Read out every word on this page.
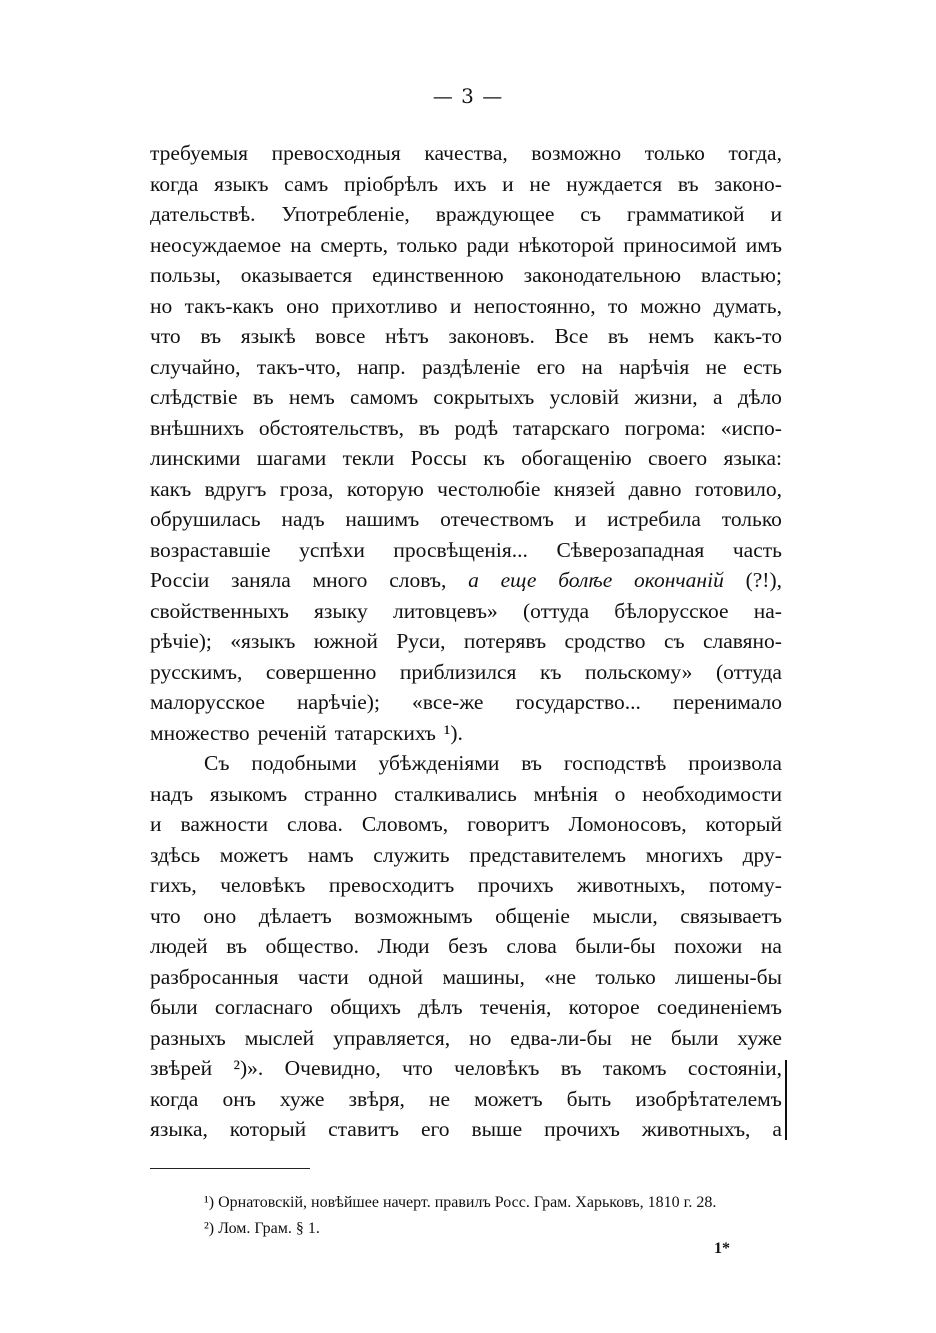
— 3 —
требуемыя превосходныя качества, возможно только тогда,
когда языкъ самъ пріобрѣлъ ихъ и не нуждается въ законо-
дательствѣ. Употребленіе, враждующее съ грамматикой и
неосуждаемое на смерть, только ради нѣкоторой приносимой имъ
пользы, оказывается единственною законодательною властью;
но такъ-какъ оно прихотливо и непостоянно, то можно думать,
что въ языкѣ вовсе нѣтъ законовъ. Все въ немъ какъ-то
случайно, такъ-что, напр. раздѣленіе его на нарѣчія не есть
слѣдствіе въ немъ самомъ сокрытыхъ условій жизни, а дѣло
внѣшнихъ обстоятельствъ, въ родѣ татарскаго погрома: «испо-
линскими шагами текли Россы къ обогащенію своего языка:
какъ вдругъ гроза, которую честолюбіе князей давно готовило,
обрушилась надъ нашимъ отечествомъ и истребила только
возраставшіе успѣхи просвѣщенія... Сѣверозападная часть
Россіи заняла много словъ, а еще болѣе окончаній (?!),
свойственныхъ языку литовцевъ» (оттуда бѣлорусское на-
рѣчіе); «языкъ южной Руси, потерявъ сродство съ славяно-
русскимъ, совершенно приблизился къ польскому» (оттуда
малорусское нарѣчіе); «все-же государство... перенимало
множество реченій татарскихъ ¹).
Съ подобными убѣжденіями въ господствѣ произвола
надъ языкомъ странно сталкивались мнѣнія о необходимости
и важности слова. Словомъ, говоритъ Ломоносовъ, который
здѣсь можетъ намъ служить представителемъ многихъ дру-
гихъ, человѣкъ превосходитъ прочихъ животныхъ, потому-
что оно дѣлаетъ возможнымъ общеніе мысли, связываетъ
людей въ общество. Люди безъ слова были-бы похожи на
разбросанныя части одной машины, «не только лишены-бы
были согласнаго общихъ дѣлъ теченія, которое соединеніемъ
разныхъ мыслей управляется, но едва-ли-бы не были хуже
звѣрей ²)». Очевидно, что человѣкъ въ такомъ состояніи,
когда онъ хуже звѣря, не можетъ быть изобрѣтателемъ
языка, который ставитъ его выше прочихъ животныхъ, а
¹) Орнатовскій, новѣйшее начерт. правилъ Росс. Грам. Харьковъ, 1810 г. 28.
²) Лом. Грам. § 1.
1*
